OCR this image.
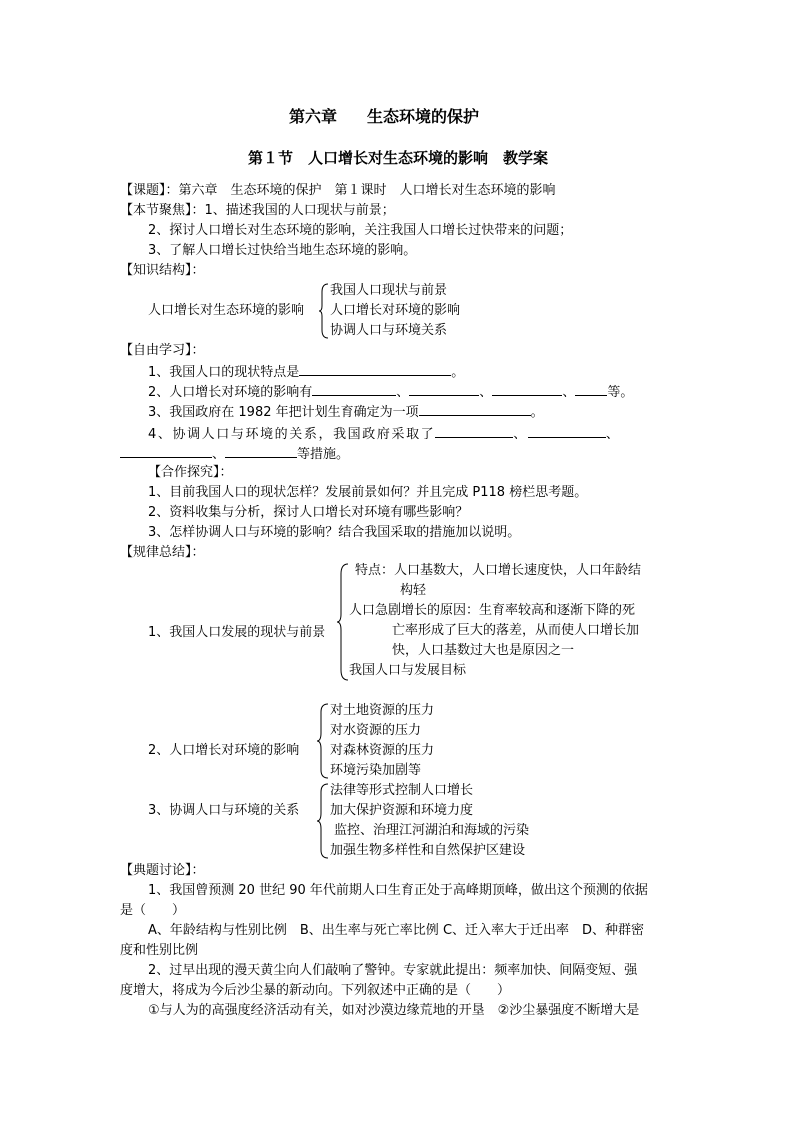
第六章 生态环境的保护
第１节　人口增长对生态环境的影响　教学案
【课题】：第六章　生态环境的保护　第１课时　人口增长对生态环境的影响
【本节聚焦】：1、描述我国的人口现状与前景；
2、探讨人口增长对生态环境的影响，关注我国人口增长过快带来的问题；
3、了解人口增长过快给当地生态环境的影响。
【知识结构】：
人口增长对生态环境的影响
我国人口现状与前景
人口增长对环境的影响
协调人口与环境关系
【自由学习】：
1、我国人口的现状特点是	。
2、人口增长对环境的影响有	、	、	、 等。
3、我国政府在 1982 年把计划生育确定为一项	。
4、协调人口与环境的关系，我国政府采取了	、	、
、	等措施。
【合作探究】：
1、目前我国人口的现状怎样？发展前景如何？并且完成 P118 榜栏思考题。
2、资料收集与分析，探讨人口增长对环境有哪些影响？
3、怎样协调人口与环境的影响？结合我国采取的措施加以说明。
【规律总结】：
1、我国人口发展的现状与前景
特点：人口基数大，人口增长速度快，人口年龄结
构轻
人口急剧增长的原因：生育率较高和逐渐下降的死
亡率形成了巨大的落差，从而使人口增长加
快，人口基数过大也是原因之一
我国人口与发展目标
2、人口增长对环境的影响
对土地资源的压力
对水资源的压力
对森林资源的压力
环境污染加剧等
3、协调人口与环境的关系
法律等形式控制人口增长
加大保护资源和环境力度
监控、治理江河湖泊和海域的污染
加强生物多样性和自然保护区建设
【典题讨论】：
1、我国曾预测 20 世纪 90 年代前期人口生育正处于高峰期顶峰，做出这个预测的依据
是（　　）
A、年龄结构与性别比例　B、出生率与死亡率比例 C、迁入率大于迁出率　D、种群密
度和性别比例
2、过早出现的漫天黄尘向人们敲响了警钟。专家就此提出：频率加快、间隔变短、强
度增大，将成为今后沙尘暴的新动向。下列叙述中正确的是（　　）
①与人为的高强度经济活动有关，如对沙漠边缘荒地的开垦　②沙尘暴强度不断增大是
